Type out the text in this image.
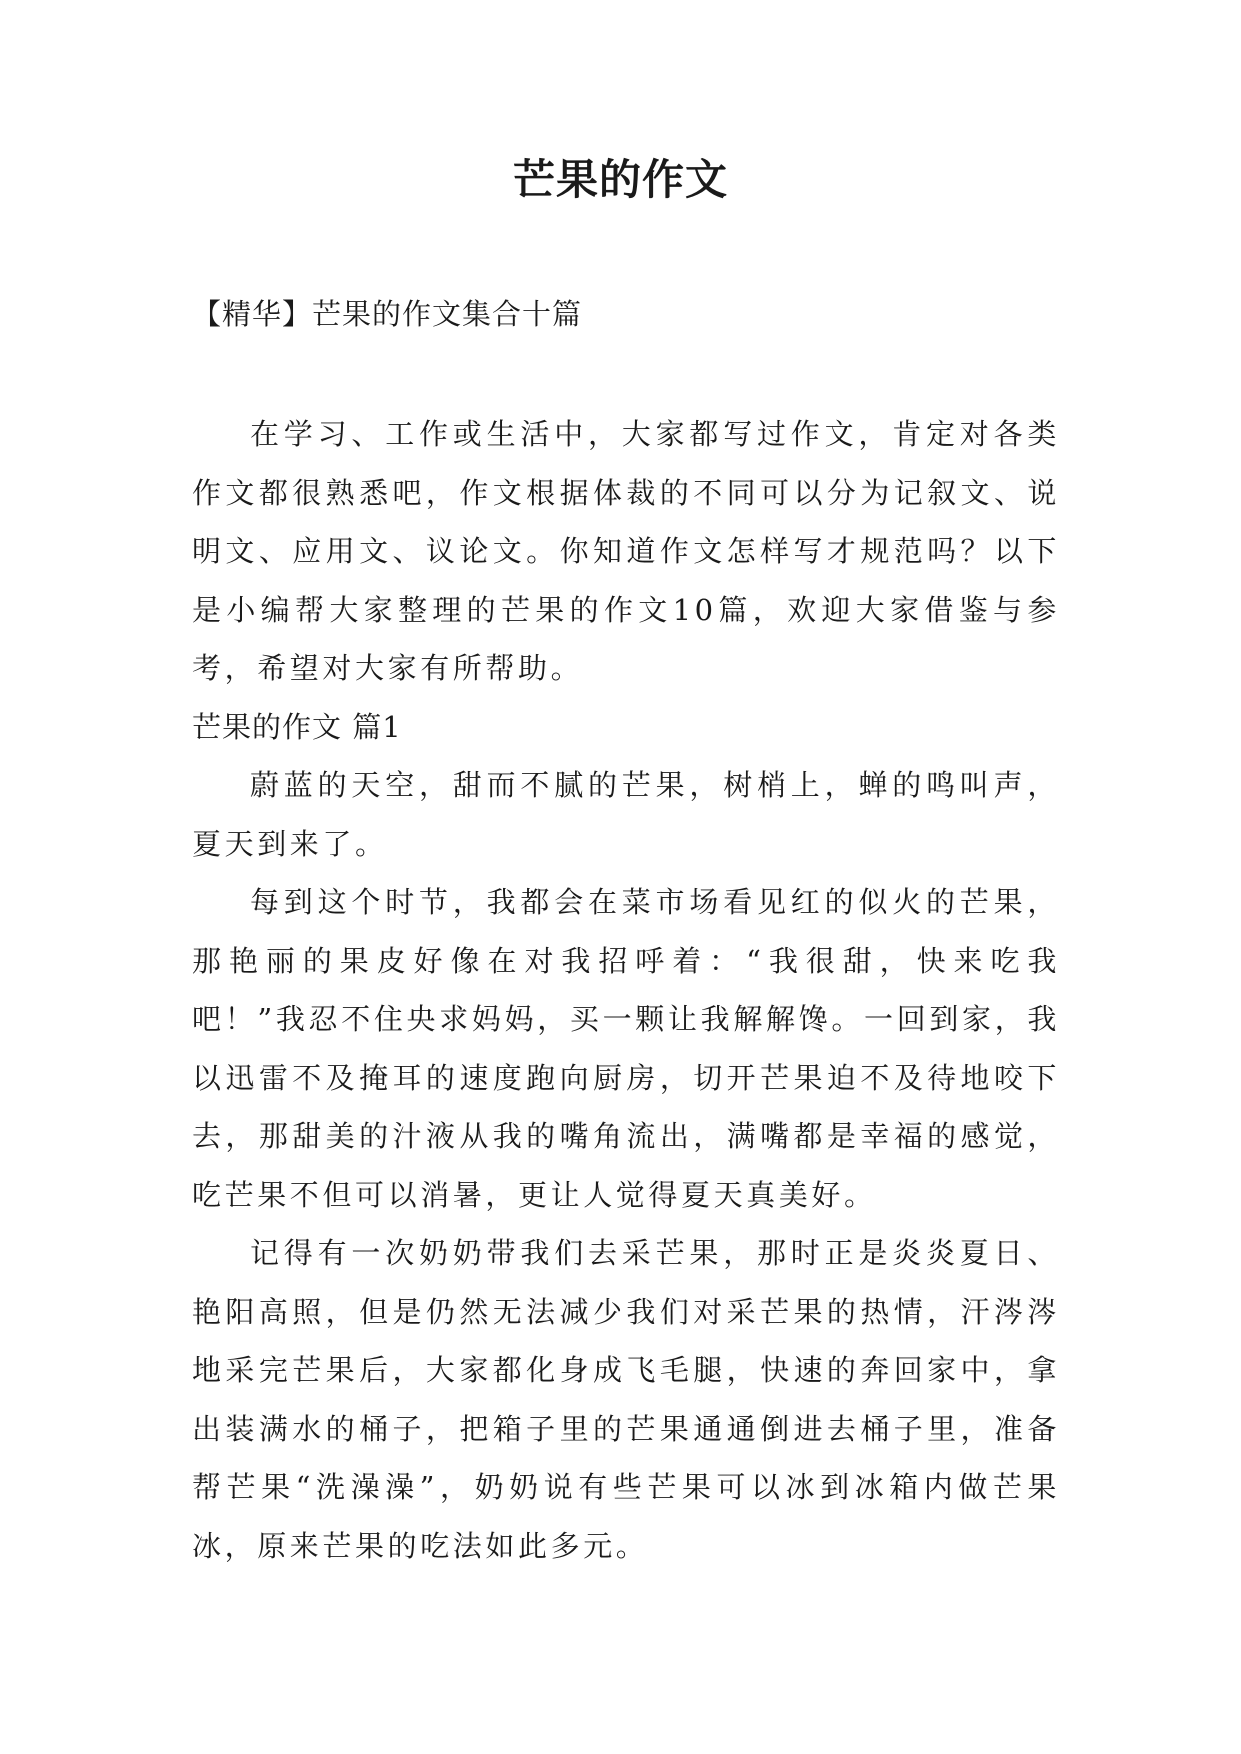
芒果的作文
【精华】芒果的作文集合十篇

在学习、工作或生活中，大家都写过作文，肯定对各类作文都很熟悉吧，作文根据体裁的不同可以分为记叙文、说明文、应用文、议论文。你知道作文怎样写才规范吗？以下是小编帮大家整理的芒果的作文10篇，欢迎大家借鉴与参考，希望对大家有所帮助。

芒果的作文 篇1

蔚蓝的天空，甜而不腻的芒果，树梢上，蝉的鸣叫声，夏天到来了。

每到这个时节，我都会在菜市场看见红的似火的芒果，那艳丽的果皮好像在对我招呼着：“我很甜，快来吃我吧！”我忍不住央求妈妈，买一颗让我解解馋。一回到家，我以迅雷不及掩耳的速度跑向厨房，切开芒果迫不及待地咬下去，那甜美的汁液从我的嘴角流出，满嘴都是幸福的感觉，吃芒果不但可以消暑，更让人觉得夏天真美好。

记得有一次奶奶带我们去采芒果，那时正是炎炎夏日、艳阳高照，但是仍然无法减少我们对采芒果的热情，汗涔涔地采完芒果后，大家都化身成飞毛腿，快速的奔回家中，拿出装满水的桶子，把箱子里的芒果通通倒进去桶子里，准备帮芒果“洗澡澡”，奶奶说有些芒果可以冰到冰箱内做芒果冰，原来芒果的吃法如此多元。
